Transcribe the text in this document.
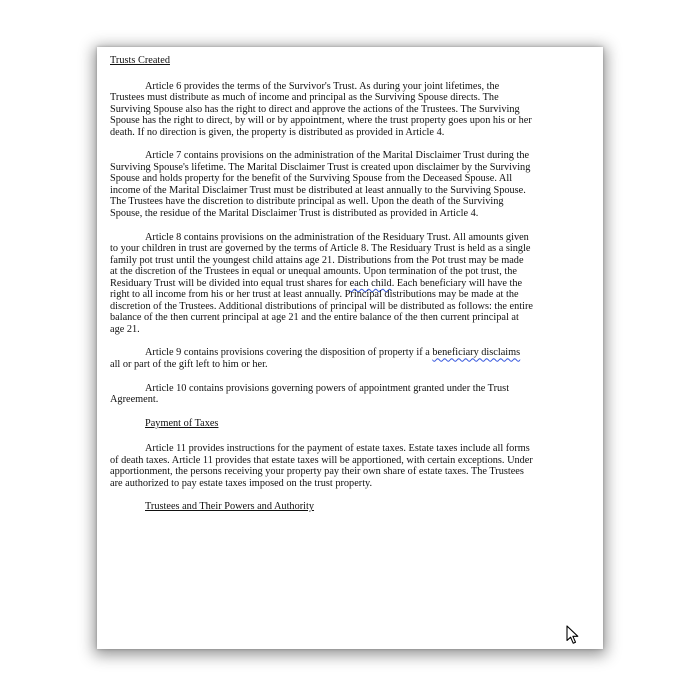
Trusts Created

Article 6 provides the terms of the Survivor's Trust. As during your joint lifetimes, the Trustees must distribute as much of income and principal as the Surviving Spouse directs. The Surviving Spouse also has the right to direct and approve the actions of the Trustees. The Surviving Spouse has the right to direct, by will or by appointment, where the trust property goes upon his or her death. If no direction is given, the property is distributed as provided in Article 4.

Article 7 contains provisions on the administration of the Marital Disclaimer Trust during the Surviving Spouse's lifetime. The Marital Disclaimer Trust is created upon disclaimer by the Surviving Spouse and holds property for the benefit of the Surviving Spouse from the Deceased Spouse. All income of the Marital Disclaimer Trust must be distributed at least annually to the Surviving Spouse. The Trustees have the discretion to distribute principal as well. Upon the death of the Surviving Spouse, the residue of the Marital Disclaimer Trust is distributed as provided in Article 4.

Article 8 contains provisions on the administration of the Residuary Trust. All amounts given to your children in trust are governed by the terms of Article 8. The Residuary Trust is held as a single family pot trust until the youngest child attains age 21. Distributions from the Pot trust may be made at the discretion of the Trustees in equal or unequal amounts. Upon termination of the pot trust, the Residuary Trust will be divided into equal trust shares for each child. Each beneficiary will have the right to all income from his or her trust at least annually. Principal distributions may be made at the discretion of the Trustees. Additional distributions of principal will be distributed as follows: the entire balance of the then current principal at age 21 and the entire balance of the then current principal at age 21.

Article 9 contains provisions covering the disposition of property if a beneficiary disclaims all or part of the gift left to him or her.

Article 10 contains provisions governing powers of appointment granted under the Trust Agreement.

Payment of Taxes

Article 11 provides instructions for the payment of estate taxes. Estate taxes include all forms of death taxes. Article 11 provides that estate taxes will be apportioned, with certain exceptions. Under apportionment, the persons receiving your property pay their own share of estate taxes. The Trustees are authorized to pay estate taxes imposed on the trust property.

Trustees and Their Powers and Authority
